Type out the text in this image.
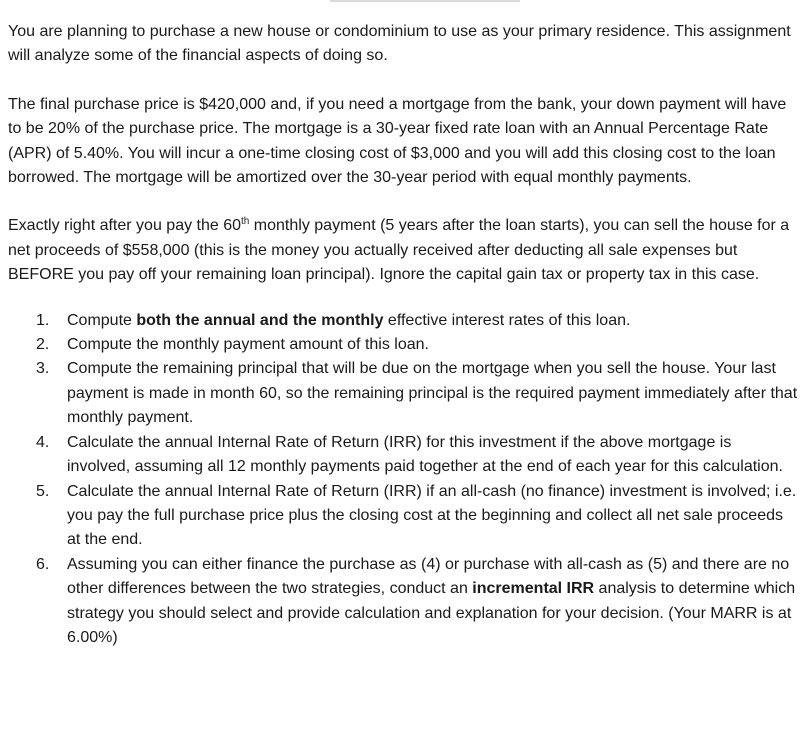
You are planning to purchase a new house or condominium to use as your primary residence. This assignment will analyze some of the financial aspects of doing so.

The final purchase price is $420,000 and, if you need a mortgage from the bank, your down payment will have to be 20% of the purchase price. The mortgage is a 30-year fixed rate loan with an Annual Percentage Rate (APR) of 5.40%. You will incur a one-time closing cost of $3,000 and you will add this closing cost to the loan borrowed. The mortgage will be amortized over the 30-year period with equal monthly payments.

Exactly right after you pay the 60th monthly payment (5 years after the loan starts), you can sell the house for a net proceeds of $558,000 (this is the money you actually received after deducting all sale expenses but BEFORE you pay off your remaining loan principal). Ignore the capital gain tax or property tax in this case.

1. Compute both the annual and the monthly effective interest rates of this loan.
2. Compute the monthly payment amount of this loan.
3. Compute the remaining principal that will be due on the mortgage when you sell the house. Your last payment is made in month 60, so the remaining principal is the required payment immediately after that monthly payment.
4. Calculate the annual Internal Rate of Return (IRR) for this investment if the above mortgage is involved, assuming all 12 monthly payments paid together at the end of each year for this calculation.
5. Calculate the annual Internal Rate of Return (IRR) if an all-cash (no finance) investment is involved; i.e. you pay the full purchase price plus the closing cost at the beginning and collect all net sale proceeds at the end.
6. Assuming you can either finance the purchase as (4) or purchase with all-cash as (5) and there are no other differences between the two strategies, conduct an incremental IRR analysis to determine which strategy you should select and provide calculation and explanation for your decision. (Your MARR is at 6.00%)
